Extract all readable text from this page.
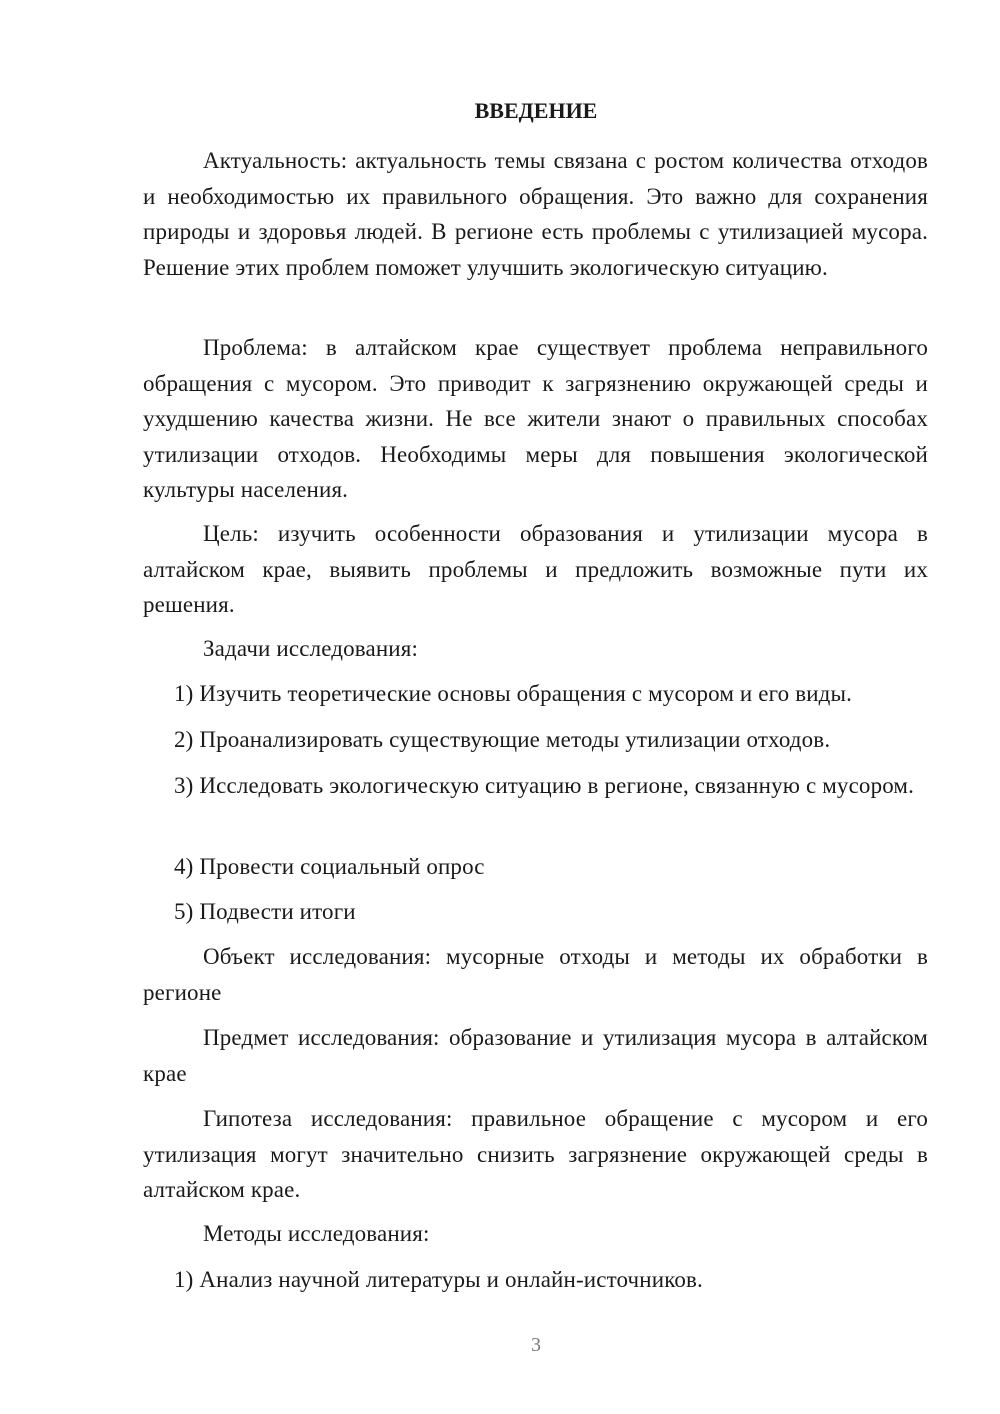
ВВЕДЕНИЕ

Актуальность: актуальность темы связана с ростом количества отходов и необходимостью их правильного обращения. Это важно для сохранения природы и здоровья людей. В регионе есть проблемы с утилизацией мусора. Решение этих проблем поможет улучшить экологическую ситуацию.

Проблема: в алтайском крае существует проблема неправильного обращения с мусором. Это приводит к загрязнению окружающей среды и ухудшению качества жизни. Не все жители знают о правильных способах утилизации отходов. Необходимы меры для повышения экологической культуры населения.

Цель: изучить особенности образования и утилизации мусора в алтайском крае, выявить проблемы и предложить возможные пути их решения.

Задачи исследования:

1) Изучить теоретические основы обращения с мусором и его виды.

2) Проанализировать существующие методы утилизации отходов.

3) Исследовать экологическую ситуацию в регионе, связанную с мусором.

4) Провести социальный опрос

5) Подвести итоги

Объект исследования: мусорные отходы и методы их обработки в регионе

Предмет исследования: образование и утилизация мусора в алтайском крае

Гипотеза исследования: правильное обращение с мусором и его утилизация могут значительно снизить загрязнение окружающей среды в алтайском крае.

Методы исследования:

1) Анализ научной литературы и онлайн-источников.

3
